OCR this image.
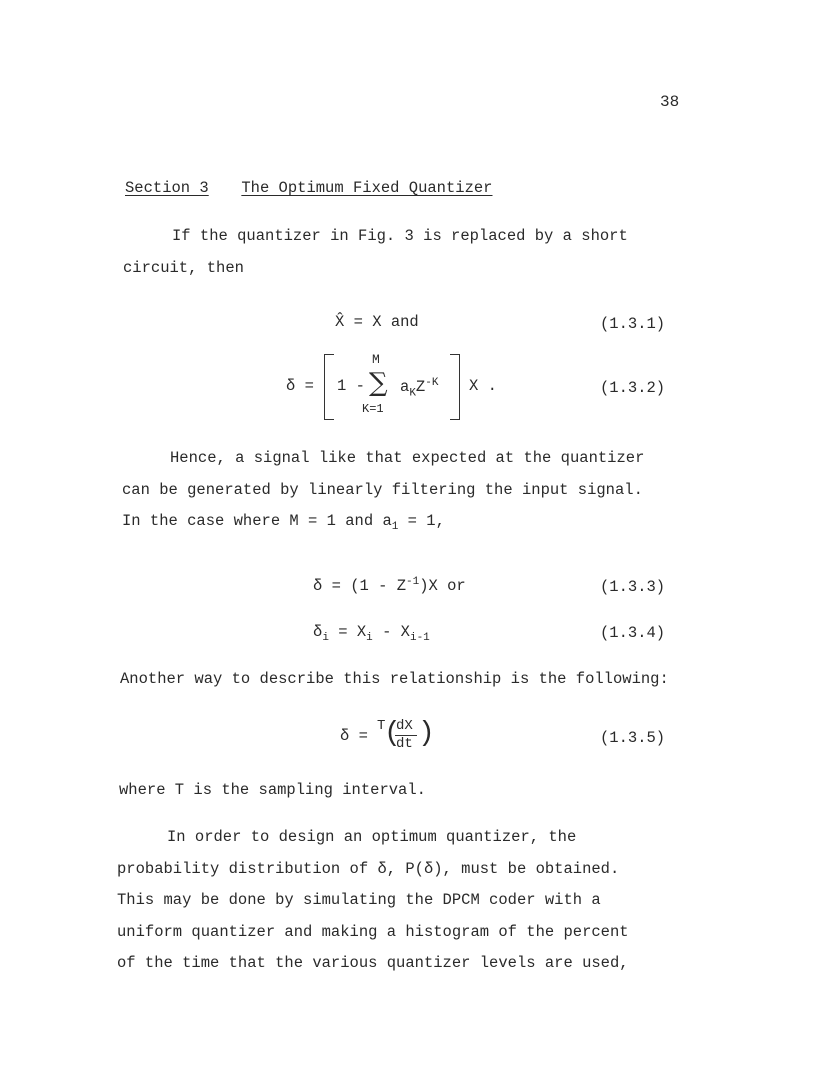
38
Section 3 The Optimum Fixed Quantizer
If the quantizer in Fig. 3 is replaced by a short
circuit, then
X̂ = X and	(1.3.1)
δ = 1 -
M
∑
K=1
$a_KZ^{-K}$ X .	(1.3.2)
Hence, a signal like that expected at the quantizer
can be generated by linearly filtering the input signal.
In the case where M = 1 and $a_1 = 1$,
$\delta = (1 - Z^{-1})X$ or	(1.3.3)
$\delta_i = X_i - X_{i-1}$	(1.3.4)
Another way to describe this relationship is the following:
δ =
T
(
dX
dt )	(1.3.5)
where T is the sampling interval.
In order to design an optimum quantizer, the
probability distribution of δ, P(δ), must be obtained.
This may be done by simulating the DPCM coder with a
uniform quantizer and making a histogram of the percent
of the time that the various quantizer levels are used,
